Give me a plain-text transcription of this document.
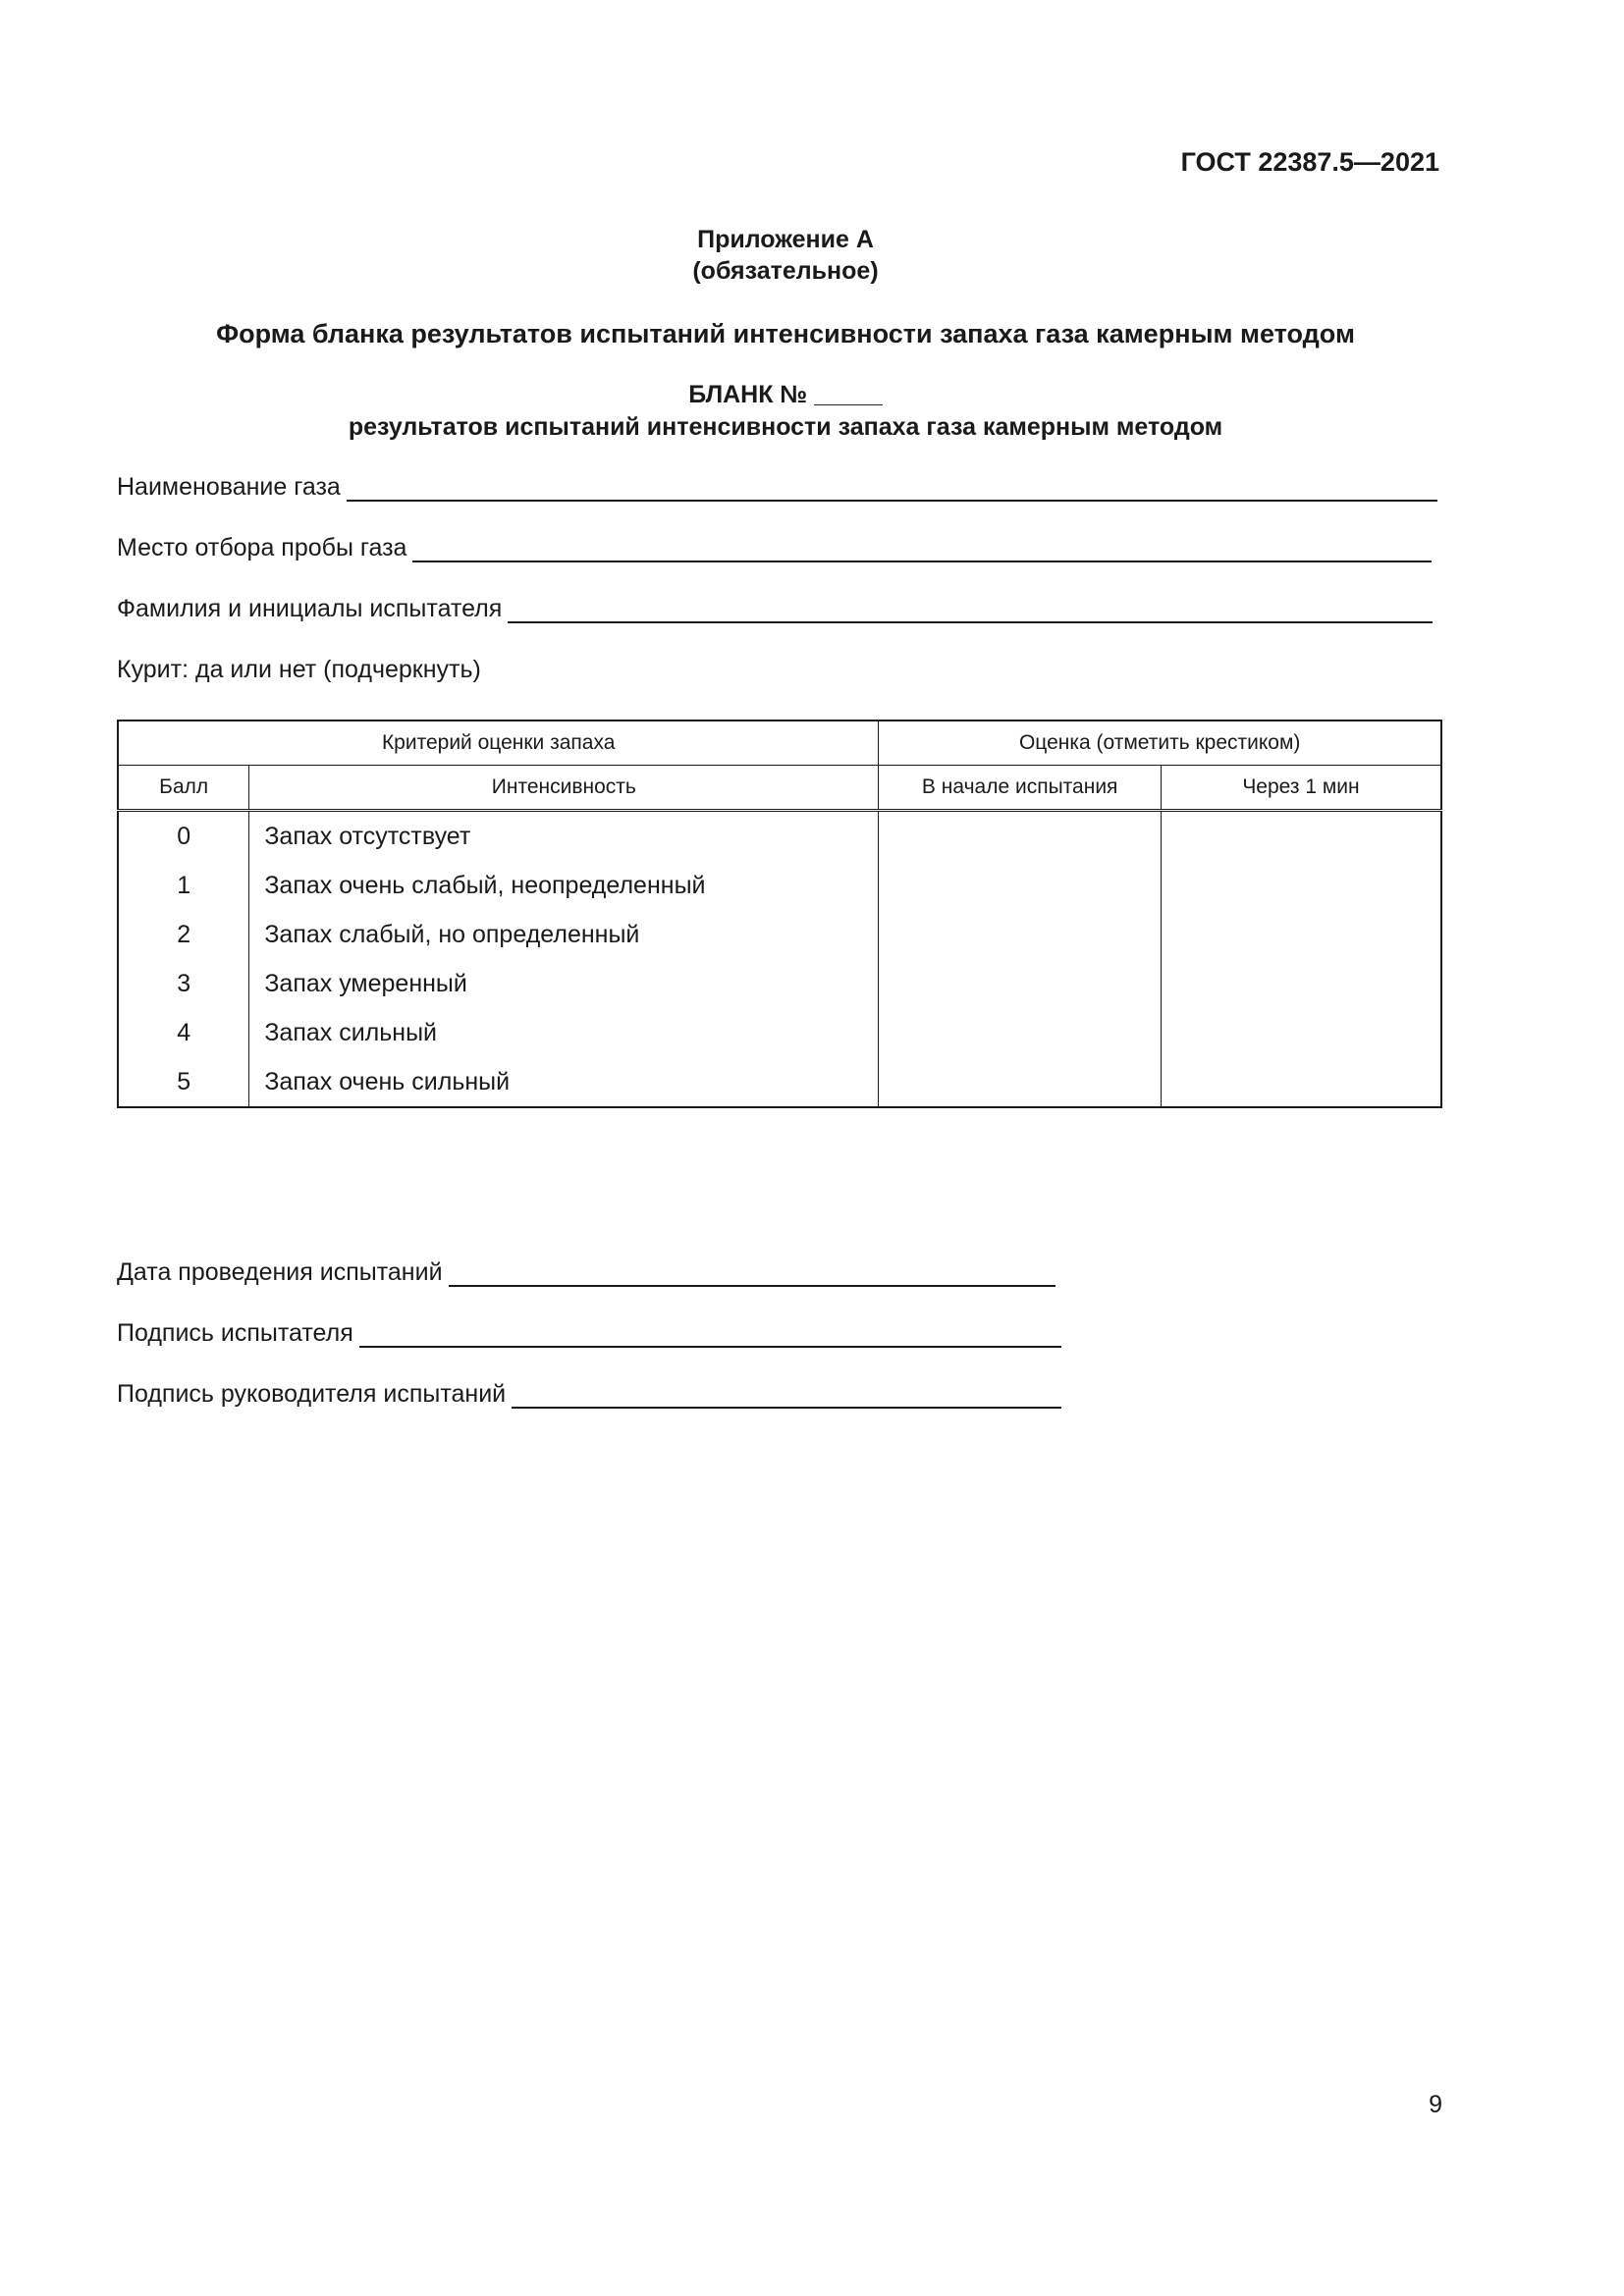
ГОСТ 22387.5—2021
Приложение А
(обязательное)
Форма бланка результатов испытаний интенсивности запаха газа камерным методом
БЛАНК № _____
результатов испытаний интенсивности запаха газа камерным методом
Наименование газа
Место отбора пробы газа
Фамилия и инициалы испытателя
Курит: да или нет (подчеркнуть)
Критерий оценки запаха		Оценка (отметить крестиком)	
Балл	Интенсивность	В начале испытания	Через 1 мин
0	Запах отсутствует		
1	Запах очень слабый, неопределенный		
2	Запах слабый, но определенный		
3	Запах умеренный		
4	Запах сильный		
5	Запах очень сильный		
Дата проведения испытаний
Подпись испытателя
Подпись руководителя испытаний
9
